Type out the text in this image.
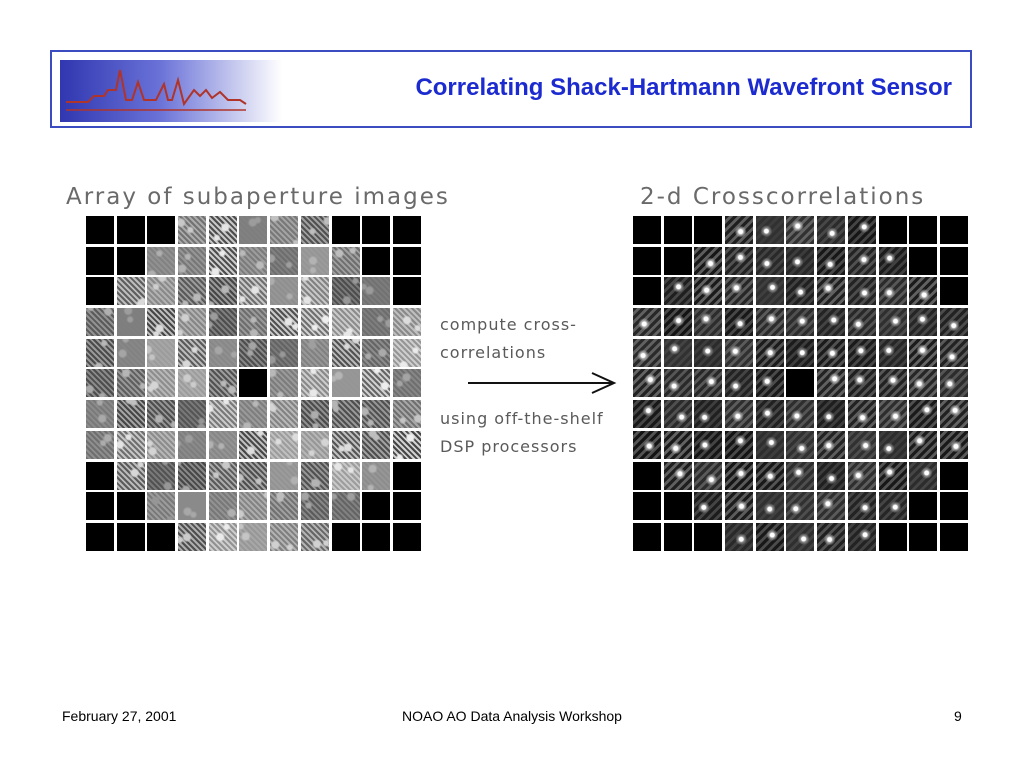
Correlating Shack-Hartmann Wavefront Sensor
Array of subaperture images
compute cross-
correlations
using off-the-shelf
DSP processors
2-d Crosscorrelations
February 27, 2001	NOAO AO Data Analysis Workshop	9
